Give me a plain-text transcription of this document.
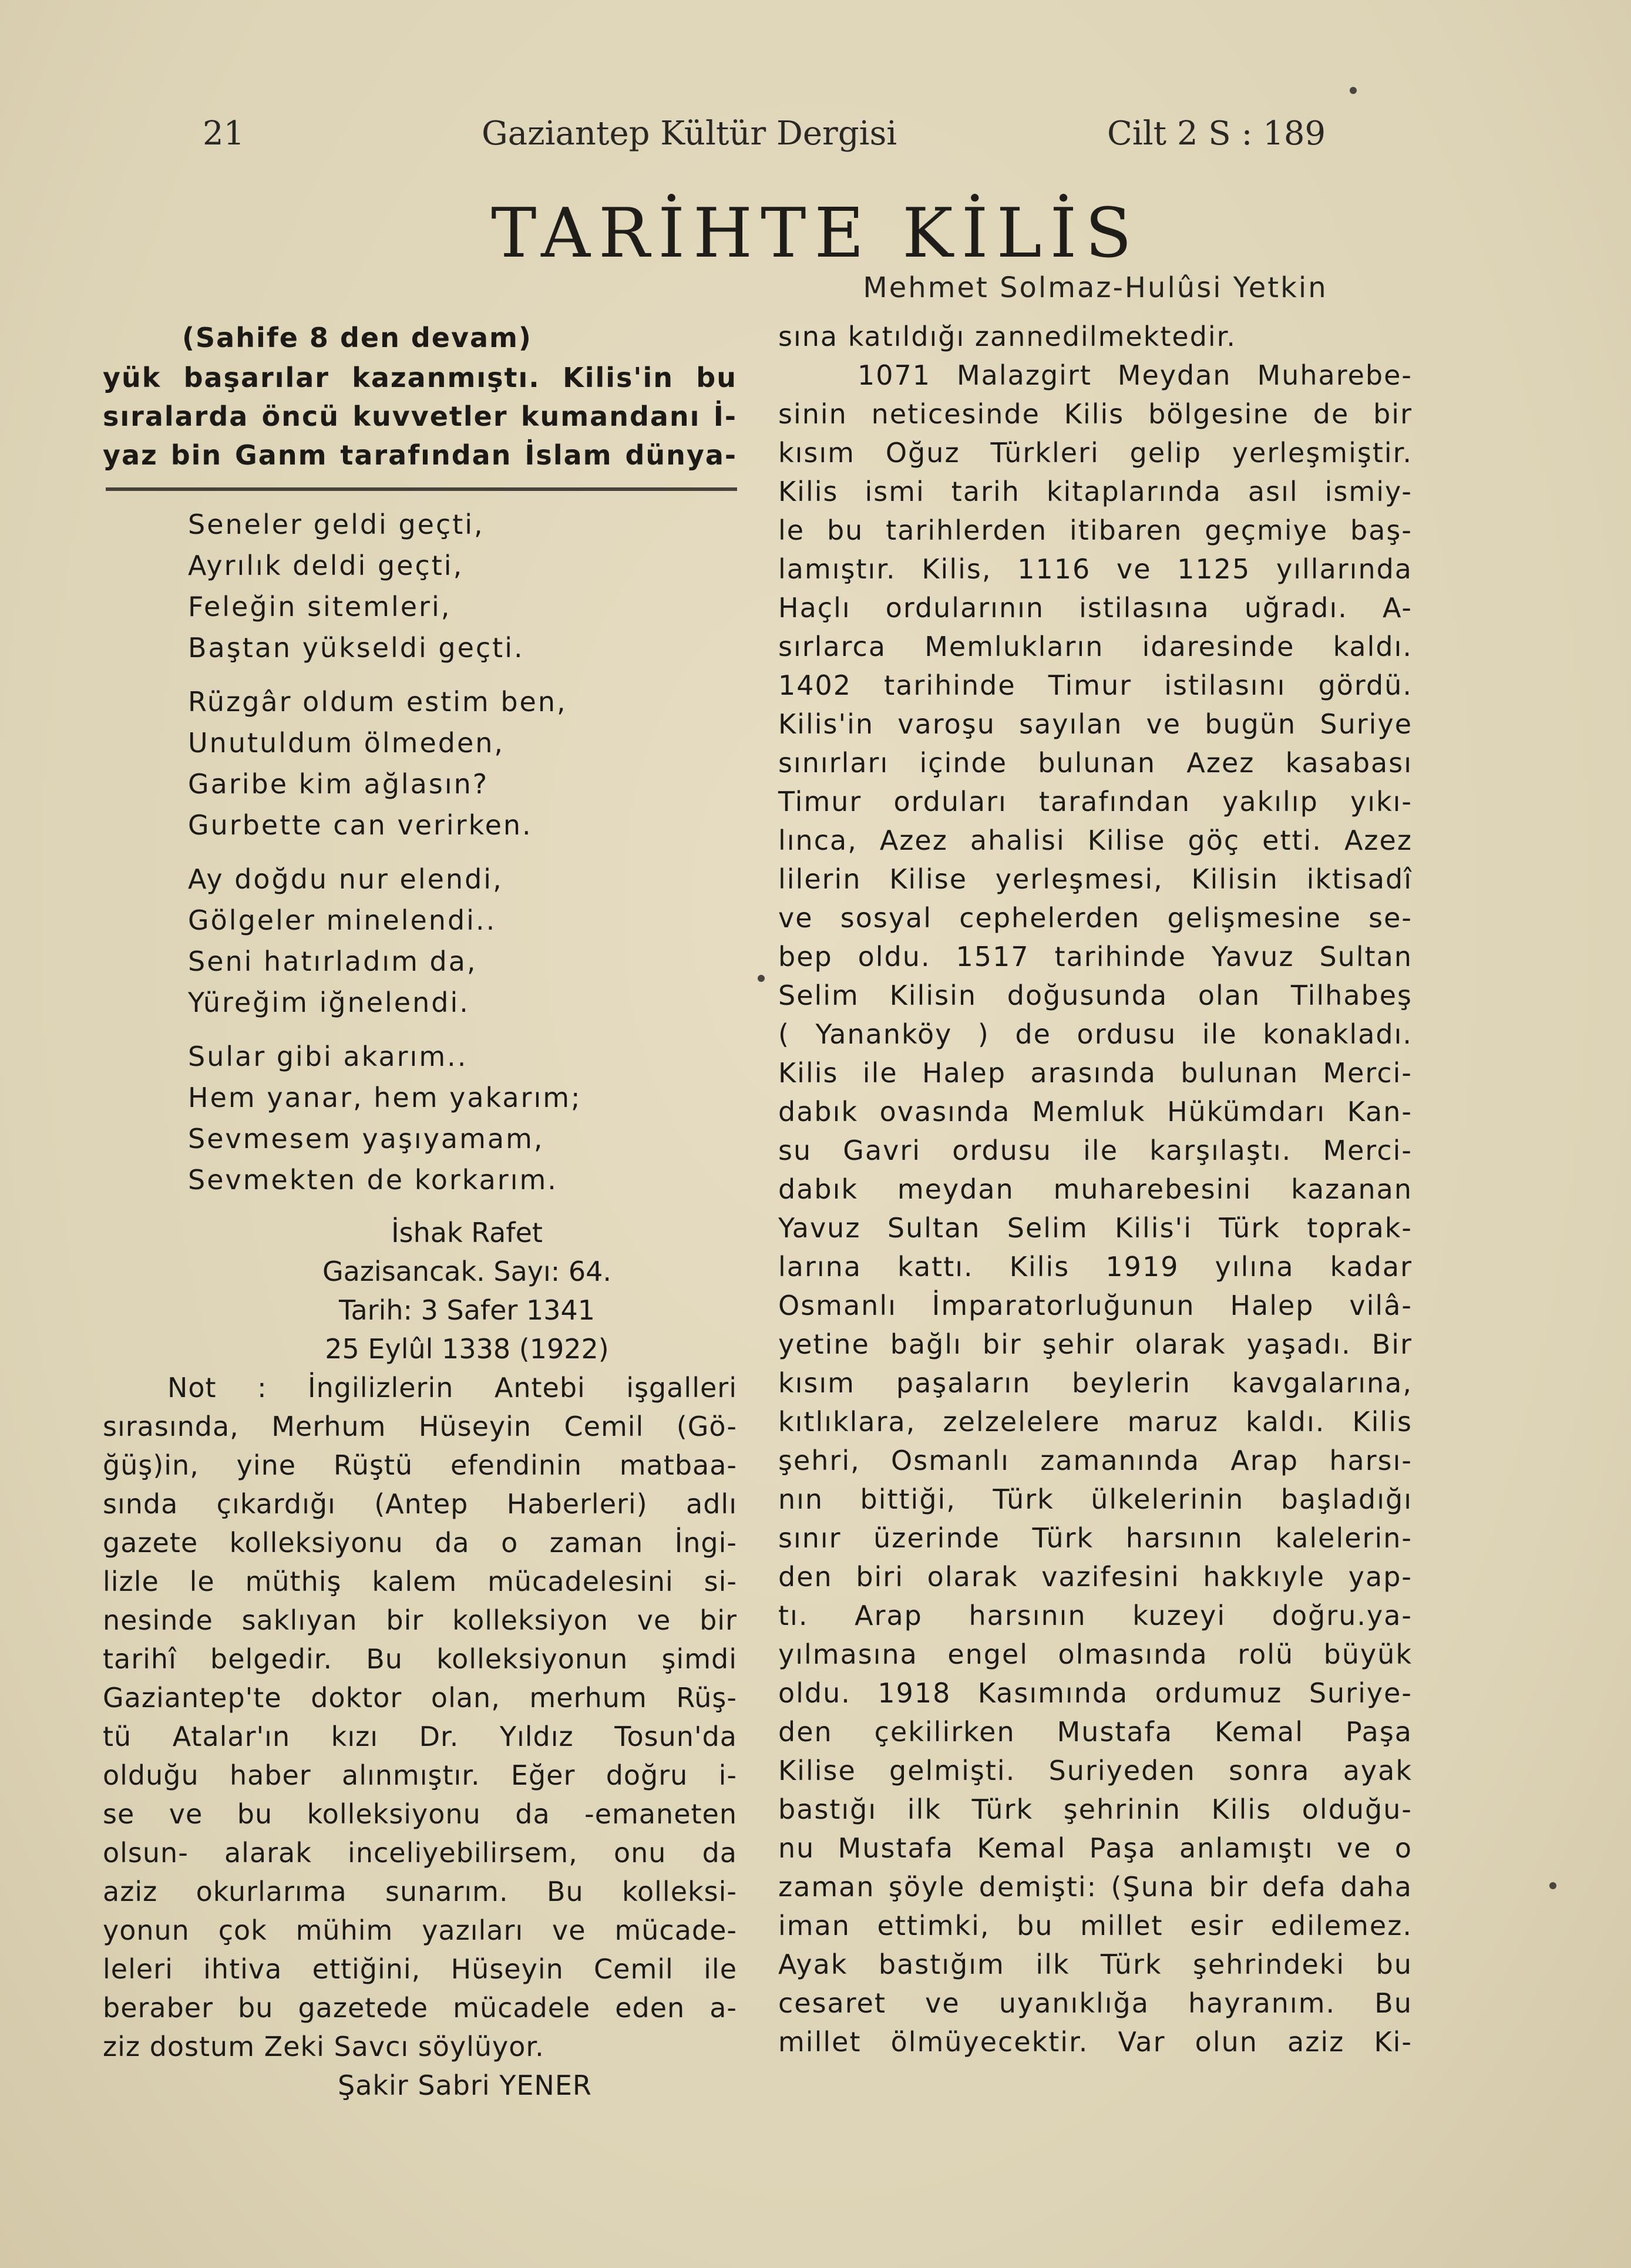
21	Gaziantep Kültür Dergisi	Cilt 2 S : 189
TARİHTE KİLİS
Mehmet Solmaz-Hulûsi Yetkin
(Sahife 8 den devam)
yük başarılar kazanmıştı. Kilis'in bu
sıralarda öncü kuvvetler kumandanı İ-
yaz bin Ganm tarafından İslam dünya-
Seneler geldi geçti,
Ayrılık deldi geçti,
Feleğin sitemleri,
Baştan yükseldi geçti.
Rüzgâr oldum estim ben,
Unutuldum ölmeden,
Garibe kim ağlasın?
Gurbette can verirken.
Ay doğdu nur elendi,
Gölgeler minelendi..
Seni hatırladım da,
Yüreğim iğnelendi.
Sular gibi akarım..
Hem yanar, hem yakarım;
Sevmesem yaşıyamam,
Sevmekten de korkarım.
İshak Rafet
Gazisancak. Sayı: 64.
Tarih: 3 Safer 1341
25 Eylûl 1338 (1922)
Not : İngilizlerin Antebi işgalleri
sırasında, Merhum Hüseyin Cemil (Gö-
ğüş)in, yine Rüştü efendinin matbaa-
sında çıkardığı (Antep Haberleri) adlı
gazete kolleksiyonu da o zaman İngi-
lizle le müthiş kalem mücadelesini si-
nesinde saklıyan bir kolleksiyon ve bir
tarihî belgedir. Bu kolleksiyonun şimdi
Gaziantep'te doktor olan, merhum Rüş-
tü Atalar'ın kızı Dr. Yıldız Tosun'da
olduğu haber alınmıştır. Eğer doğru i-
se ve bu kolleksiyonu da -emaneten
olsun- alarak inceliyebilirsem, onu da
aziz okurlarıma sunarım. Bu kolleksi-
yonun çok mühim yazıları ve mücade-
leleri ihtiva ettiğini, Hüseyin Cemil ile
beraber bu gazetede mücadele eden a-
ziz dostum Zeki Savcı söylüyor.
Şakir Sabri YENER
sına katıldığı zannedilmektedir.
1071 Malazgirt Meydan Muharebe-
sinin neticesinde Kilis bölgesine de bir
kısım Oğuz Türkleri gelip yerleşmiştir.
Kilis ismi tarih kitaplarında asıl ismiy-
le bu tarihlerden itibaren geçmiye baş-
lamıştır. Kilis, 1116 ve 1125 yıllarında
Haçlı ordularının istilasına uğradı. A-
sırlarca Memlukların idaresinde kaldı.
1402 tarihinde Timur istilasını gördü.
Kilis'in varoşu sayılan ve bugün Suriye
sınırları içinde bulunan Azez kasabası
Timur orduları tarafından yakılıp yıkı-
lınca, Azez ahalisi Kilise göç etti. Azez
lilerin Kilise yerleşmesi, Kilisin iktisadî
ve sosyal cephelerden gelişmesine se-
bep oldu. 1517 tarihinde Yavuz Sultan
Selim Kilisin doğusunda olan Tilhabeş
( Yananköy ) de ordusu ile konakladı.
Kilis ile Halep arasında bulunan Merci-
dabık ovasında Memluk Hükümdarı Kan-
su Gavri ordusu ile karşılaştı. Merci-
dabık meydan muharebesini kazanan
Yavuz Sultan Selim Kilis'i Türk toprak-
larına kattı. Kilis 1919 yılına kadar
Osmanlı İmparatorluğunun Halep vilâ-
yetine bağlı bir şehir olarak yaşadı. Bir
kısım paşaların beylerin kavgalarına,
kıtlıklara, zelzelelere maruz kaldı. Kilis
şehri, Osmanlı zamanında Arap harsı-
nın bittiği, Türk ülkelerinin başladığı
sınır üzerinde Türk harsının kalelerin-
den biri olarak vazifesini hakkıyle yap-
tı. Arap harsının kuzeyi doğru.ya-
yılmasına engel olmasında rolü büyük
oldu. 1918 Kasımında ordumuz Suriye-
den çekilirken Mustafa Kemal Paşa
Kilise gelmişti. Suriyeden sonra ayak
bastığı ilk Türk şehrinin Kilis olduğu-
nu Mustafa Kemal Paşa anlamıştı ve o
zaman şöyle demişti: (Şuna bir defa daha
iman ettimki, bu millet esir edilemez.
Ayak bastığım ilk Türk şehrindeki bu
cesaret ve uyanıklığa hayranım. Bu
millet ölmüyecektir. Var olun aziz Ki-
